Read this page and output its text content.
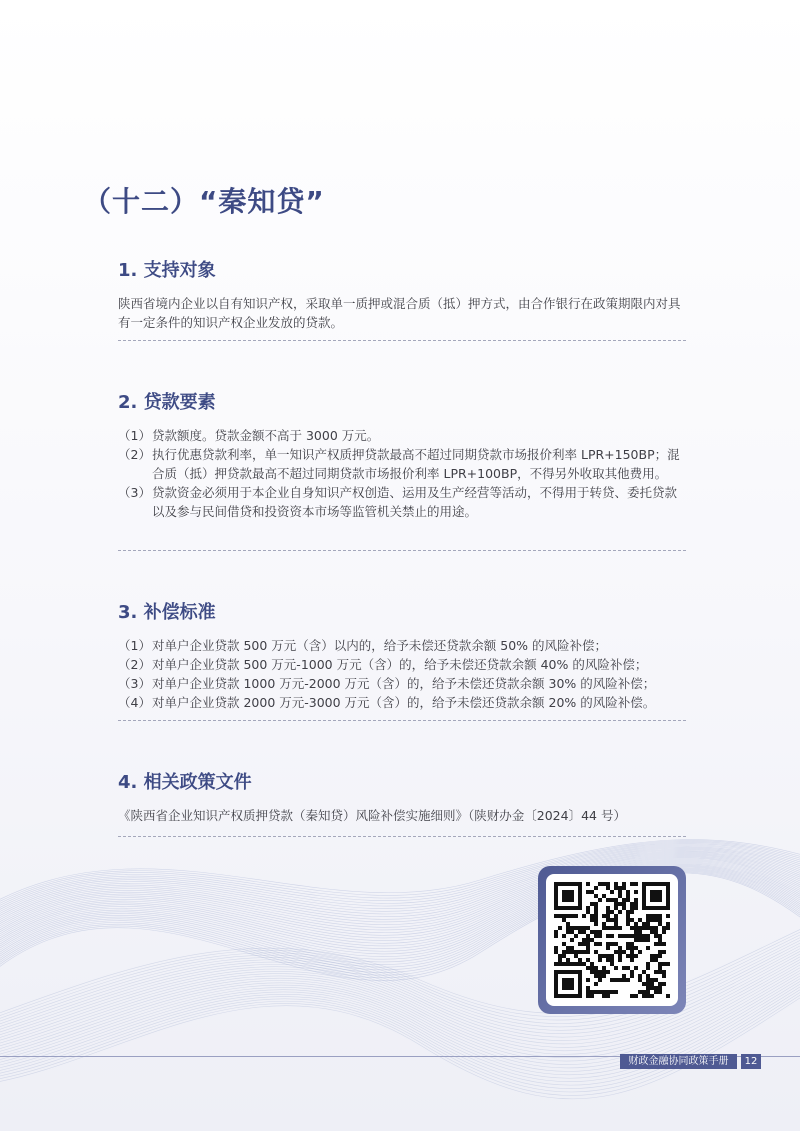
（十二）“秦知贷”
1. 支持对象

陕西省境内企业以自有知识产权，采取单一质押或混合质（抵）押方式，由合作银行在政策期限内对具有一定条件的知识产权企业发放的贷款。

2. 贷款要素
（1） 贷款额度。贷款金额不高于 3000 万元。
（2） 执行优惠贷款利率，单一知识产权质押贷款最高不超过同期贷款市场报价利率 LPR+150BP；混合质（抵）押贷款最高不超过同期贷款市场报价利率 LPR+100BP，不得另外收取其他费用。
（3） 贷款资金必须用于本企业自身知识产权创造、运用及生产经营等活动，不得用于转贷、委托贷款以及参与民间借贷和投资资本市场等监管机关禁止的用途。
3. 补偿标准
（1） 对单户企业贷款 500 万元（含）以内的，给予未偿还贷款余额 50% 的风险补偿；
（2） 对单户企业贷款 500 万元-1000 万元（含）的，给予未偿还贷款余额 40% 的风险补偿；
（3） 对单户企业贷款 1000 万元-2000 万元（含）的，给予未偿还贷款余额 30% 的风险补偿；
（4） 对单户企业贷款 2000 万元-3000 万元（含）的，给予未偿还贷款余额 20% 的风险补偿。
4. 相关政策文件

《陕西省企业知识产权质押贷款（秦知贷）风险补偿实施细则》（陕财办金〔2024〕44 号）

财政金融协同政策手册	12
